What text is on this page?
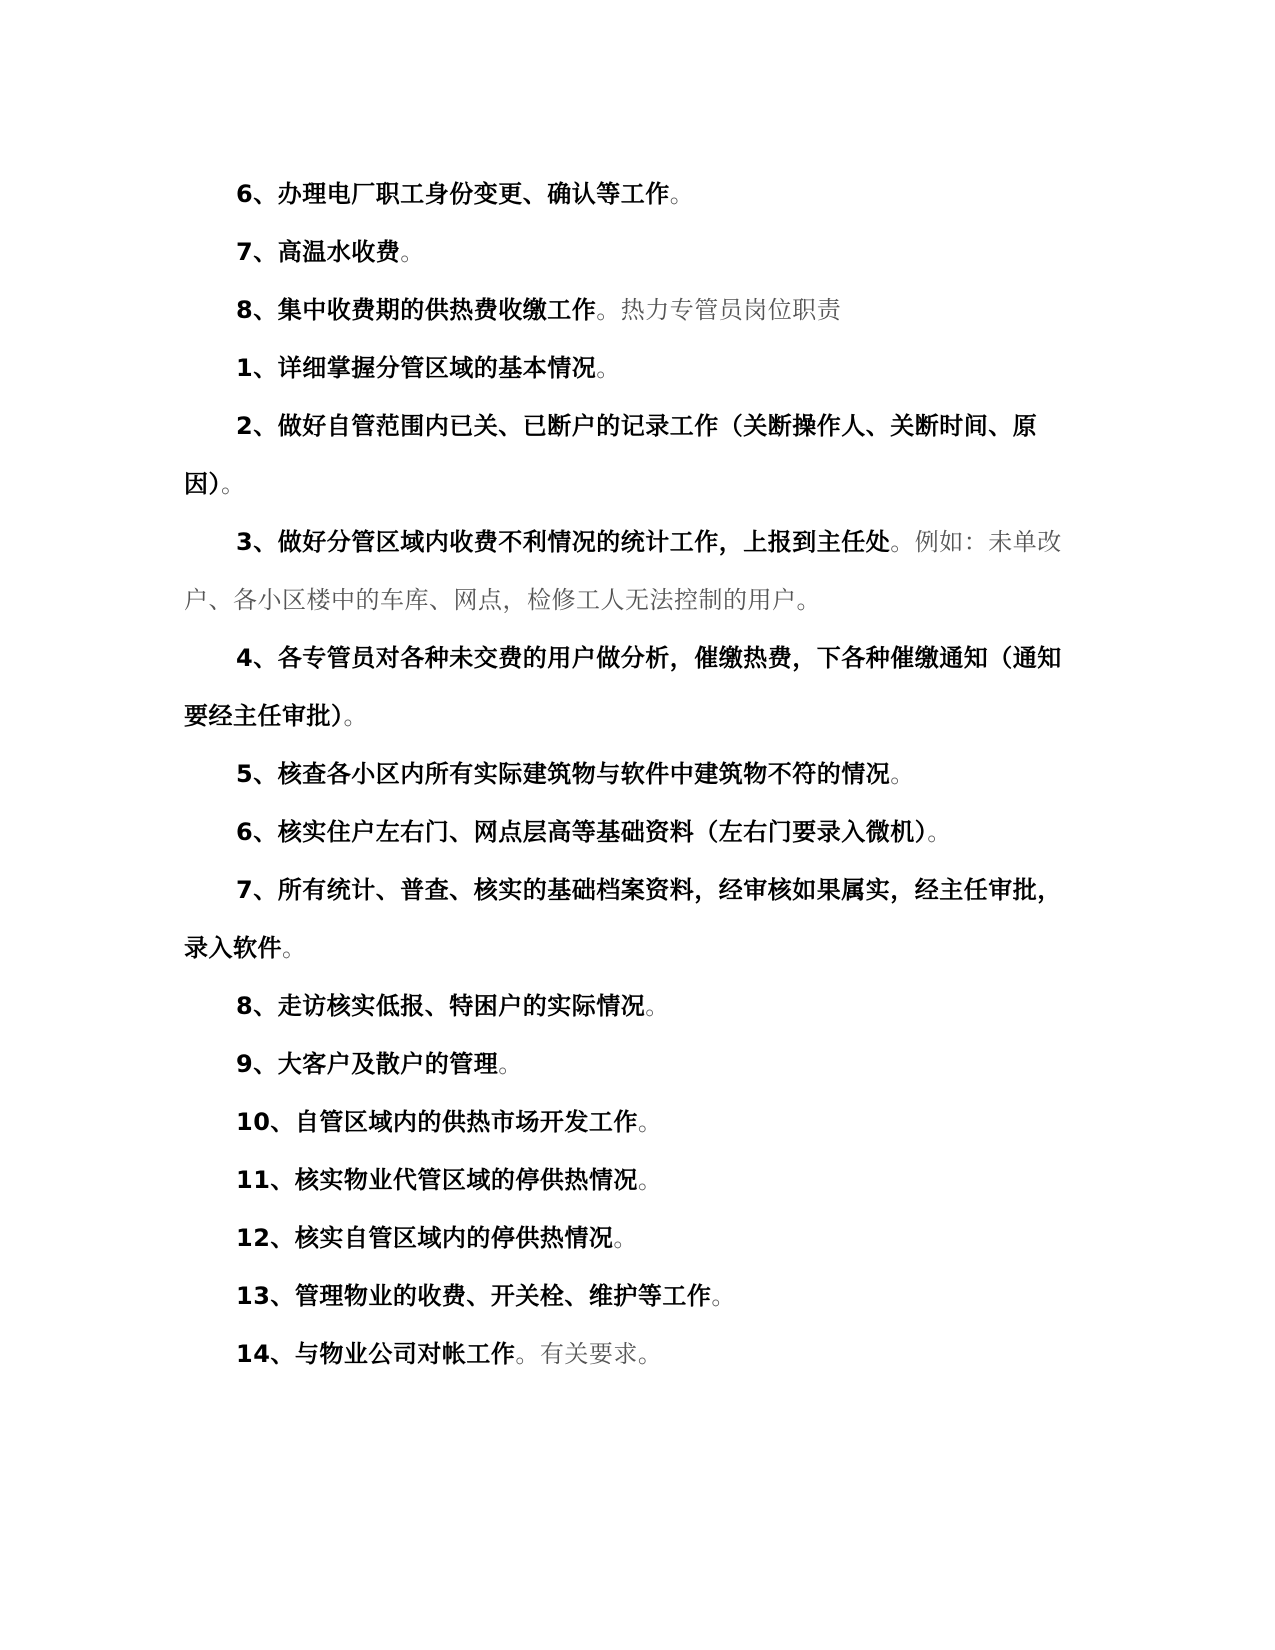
6、办理电厂职工身份变更、确认等工作。

7、高温水收费。

8、集中收费期的供热费收缴工作。热力专管员岗位职责

1、详细掌握分管区域的基本情况。

2、做好自管范围内已关、已断户的记录工作（关断操作人、关断时间、原因）。

3、做好分管区域内收费不利情况的统计工作，上报到主任处。例如：未单改户、各小区楼中的车库、网点，检修工人无法控制的用户。

4、各专管员对各种未交费的用户做分析，催缴热费，下各种催缴通知（通知要经主任审批）。

5、核查各小区内所有实际建筑物与软件中建筑物不符的情况。

6、核实住户左右门、网点层高等基础资料（左右门要录入微机）。

7、所有统计、普查、核实的基础档案资料，经审核如果属实，经主任审批，录入软件。

8、走访核实低报、特困户的实际情况。

9、大客户及散户的管理。

10、自管区域内的供热市场开发工作。

11、核实物业代管区域的停供热情况。

12、核实自管区域内的停供热情况。

13、管理物业的收费、开关栓、维护等工作。

14、与物业公司对帐工作。有关要求。
